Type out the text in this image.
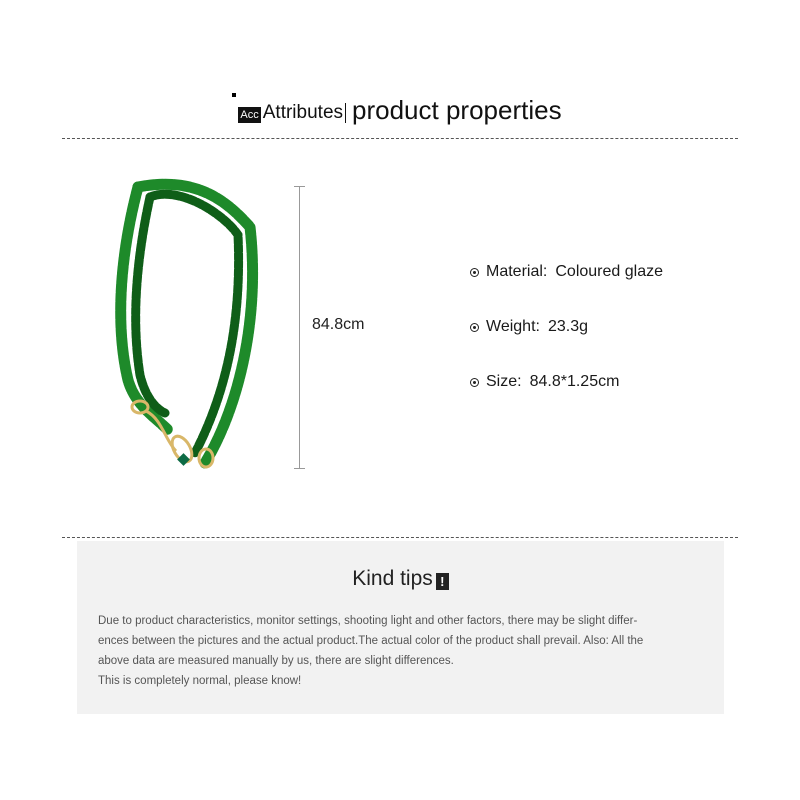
Acc Attributes product properties
84.8cm
Material: Coloured glaze
Weight: 23.3g
Size: 84.8*1.25cm
Kind tips !

Due to product characteristics, monitor settings, shooting light and other factors, there may be slight differ-

ences between the pictures and the actual product.The actual color of the product shall prevail. Also: All the

above data are measured manually by us, there are slight differences.

This is completely normal, please know!
